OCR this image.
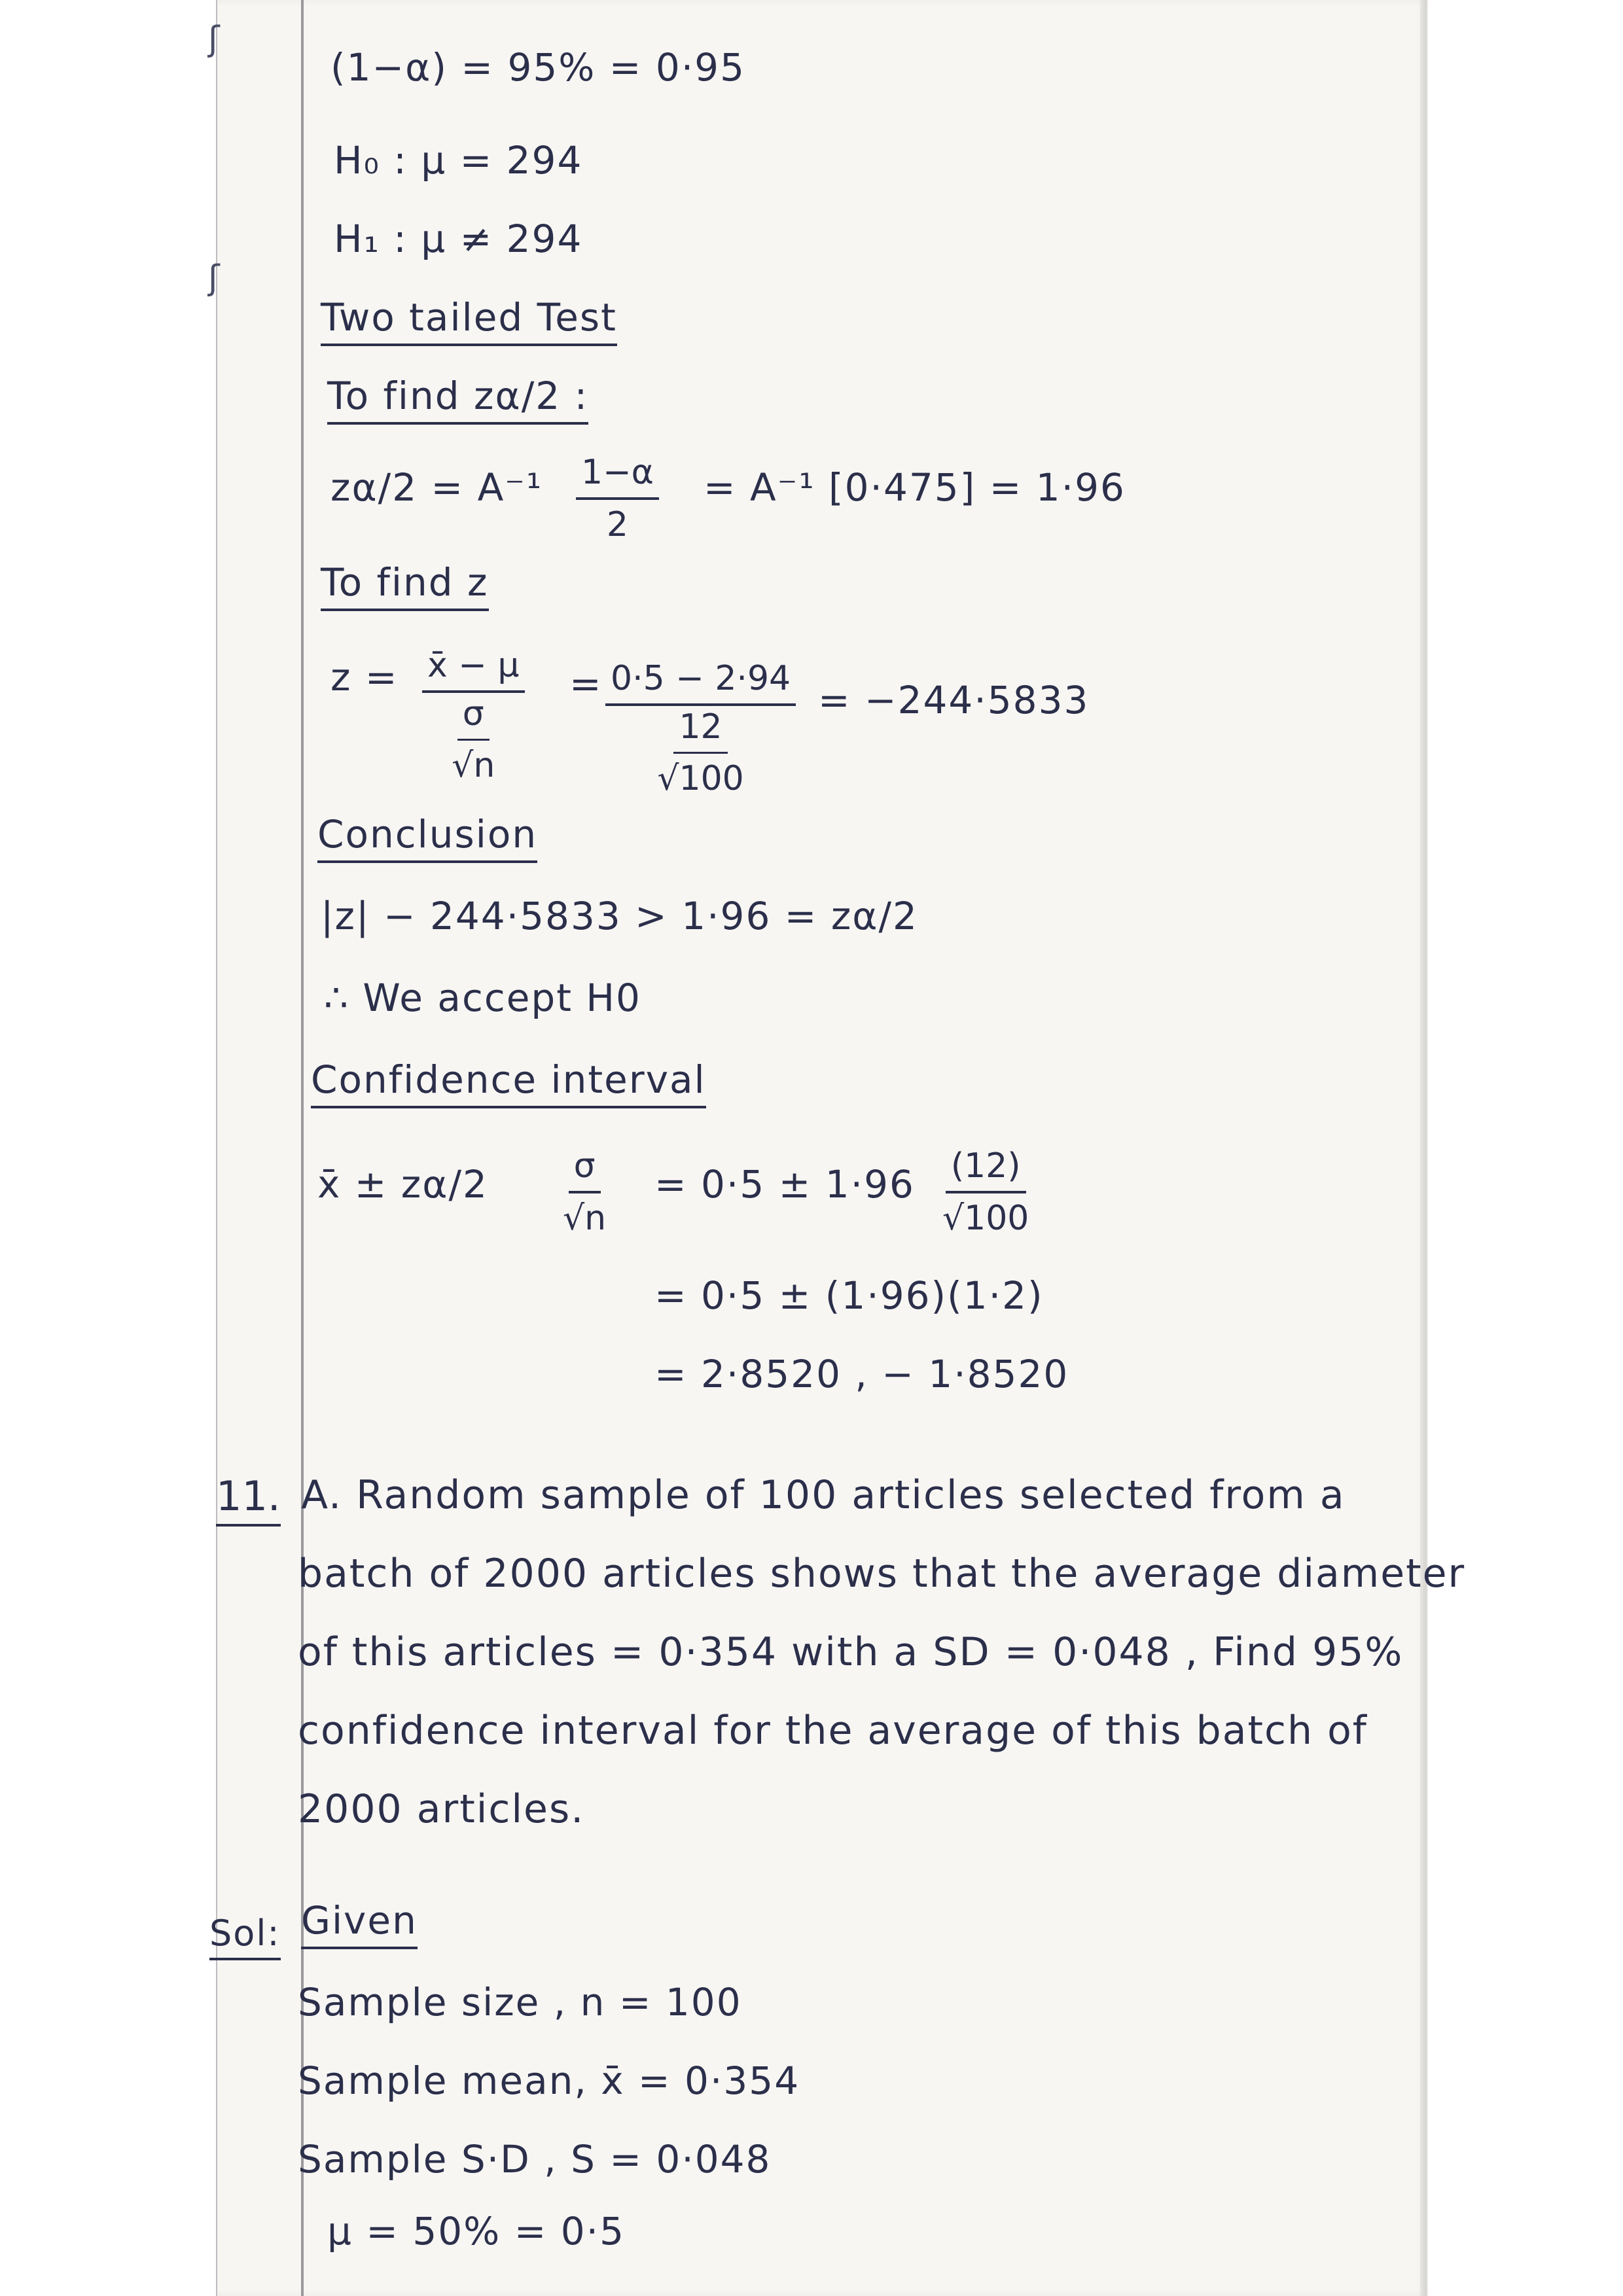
ʃ
ʃ
(1−α) = 95% = 0·95
H₀ : μ = 294
H₁ : μ ≠ 294
Two tailed Test
To find zα/2 :
$z\alpha/2 = A^{-1} \frac{1-\alpha}{2} = A^{-1}$ [0·475] = 1·96
To find z
z = x̄ − μ
σ
√n
= 0·5 − 2·94
12
√100
= −244·5833
Conclusion
|z| − 244·5833 > 1·96 = zα/2
∴ We accept H0
Confidence interval
x̄ ± $z\alpha/2 \frac{\sigma}{√n} = 0\cdot 5 \pm 1\cdot 96 \frac{(12)}{√100}$
= 0·5 ± (1·96)(1·2)
= 2·8520 , − 1·8520
11. A. Random sample of 100 articles selected from a
batch of 2000 articles shows that the average diameter
of this articles = 0·354 with a SD = 0·048 , Find 95%
confidence interval for the average of this batch of
2000 articles.
Sol: Given
Sample size , n = 100
Sample mean, x̄ = 0·354
Sample S·D , S = 0·048
μ = 50% = 0·5
